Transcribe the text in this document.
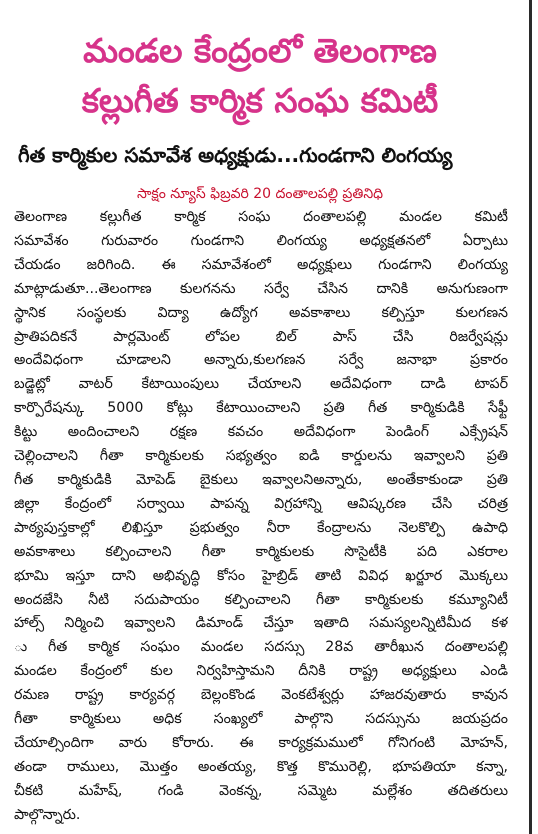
మండల కేంద్రంలో తెలంగాణ
కల్లుగీత కార్మిక సంఘ కమిటీ
గీత కార్మికుల సమావేశ అధ్యక్షుడు...గుండగాని లింగయ్య
సాక్షం న్యూస్ ఫిబ్రవరి 20 దంతాలపల్లి ప్రతినిధి
తెలంగాణ కల్లుగీత కార్మిక సంఘ దంతాలపల్లి మండల కమిటీ
సమావేశం గురువారం గుండగాని లింగయ్య అధ్యక్షతనలో ఏర్పాటు
చేయడం జరిగింది. ఈ సమావేశంలో అధ్యక్షులు గుండగాని లింగయ్య
మాట్లాడుతూ...తెలంగాణ కులగనను సర్వే చేసిన దానికి అనుగుణంగా
స్థానిక సంస్థలకు విద్యా ఉద్యోగ అవకాశాలు కల్పిస్తూ కులగణన
ప్రాతిపదికనే పార్లమెంట్ లోపల బిల్ పాస్ చేసి రిజర్వేషన్లు
అందేవిధంగా చూడాలని అన్నారు,కులగణన సర్వే జనాభా ప్రకారం
బడ్జెట్లో వాటర్ కేటాయింపులు చేయాలని అదేవిధంగా దాడి టాపర్
కార్పొరేషన్కు 5000 కోట్లు కేటాయించాలని ప్రతి గీత కార్మికుడికి సేఫ్టీ
కిట్టు అందించాలని రక్షణ కవచం అదేవిధంగా పెండింగ్ ఎక్స్రేషన్
చెల్లించాలని గీతా కార్మికులకు సభ్యత్వం ఐడి కార్డులను ఇవ్వాలని ప్రతి
గీత కార్మికుడికి మోపెడ్ బైకులు ఇవ్వాలనిఅన్నారు, అంతేకాకుండా ప్రతి
జిల్లా కేంద్రంలో సర్వాయి పాపన్న విగ్రహాన్ని ఆవిష్కరణ చేసి చరిత్ర
పాఠ్యపుస్తకాల్లో లిఖిస్తూ ప్రభుత్వం నీరా కేంద్రాలను నెలకొల్పి ఉపాధి
అవకాశాలు కల్పించాలని గీతా కార్మికులకు సొసైటీకి పది ఎకరాల
భూమి ఇస్తూ దాని అభివృద్ధి కోసం హైబ్రిడ్ తాటి వివిధ ఖర్జూర మొక్కలు
అందజేసి నీటి సదుపాయం కల్పించాలని గీతా కార్మికులకు కమ్యూనిటీ
హాల్స్ నిర్మించి ఇవ్వాలని డిమాండ్ చేస్తూ ఇతాది సమస్యలన్నిటిమీద కళ
ు గీత కార్మిక సంఘం మండల సదస్సు 28వ తారీఖున దంతాలపల్లి
మండల కేంద్రంలో కుల నిర్వహిస్తామని దీనికి రాష్ట్ర అధ్యక్షులు ఎండి
రమణ రాష్ట్ర కార్యవర్గ బెల్లంకొండ వెంకటేశ్వర్లు హాజరవుతారు కావున
గీతా కార్మికులు అధిక సంఖ్యలో పాల్గొని సదస్సును జయప్రదం
చేయాల్సిందిగా వారు కోరారు. ఈ కార్యక్రమములో గోనిగంటి మోహన్,
తండా రాములు, మొత్తం అంతయ్య, కొత్త కొమురెల్లి, భూపతియా కన్నా,
చీకటి మహేష్, గండి వెంకన్న, సమ్మెట మల్లేశం తదితరులు
పాల్గొన్నారు.
